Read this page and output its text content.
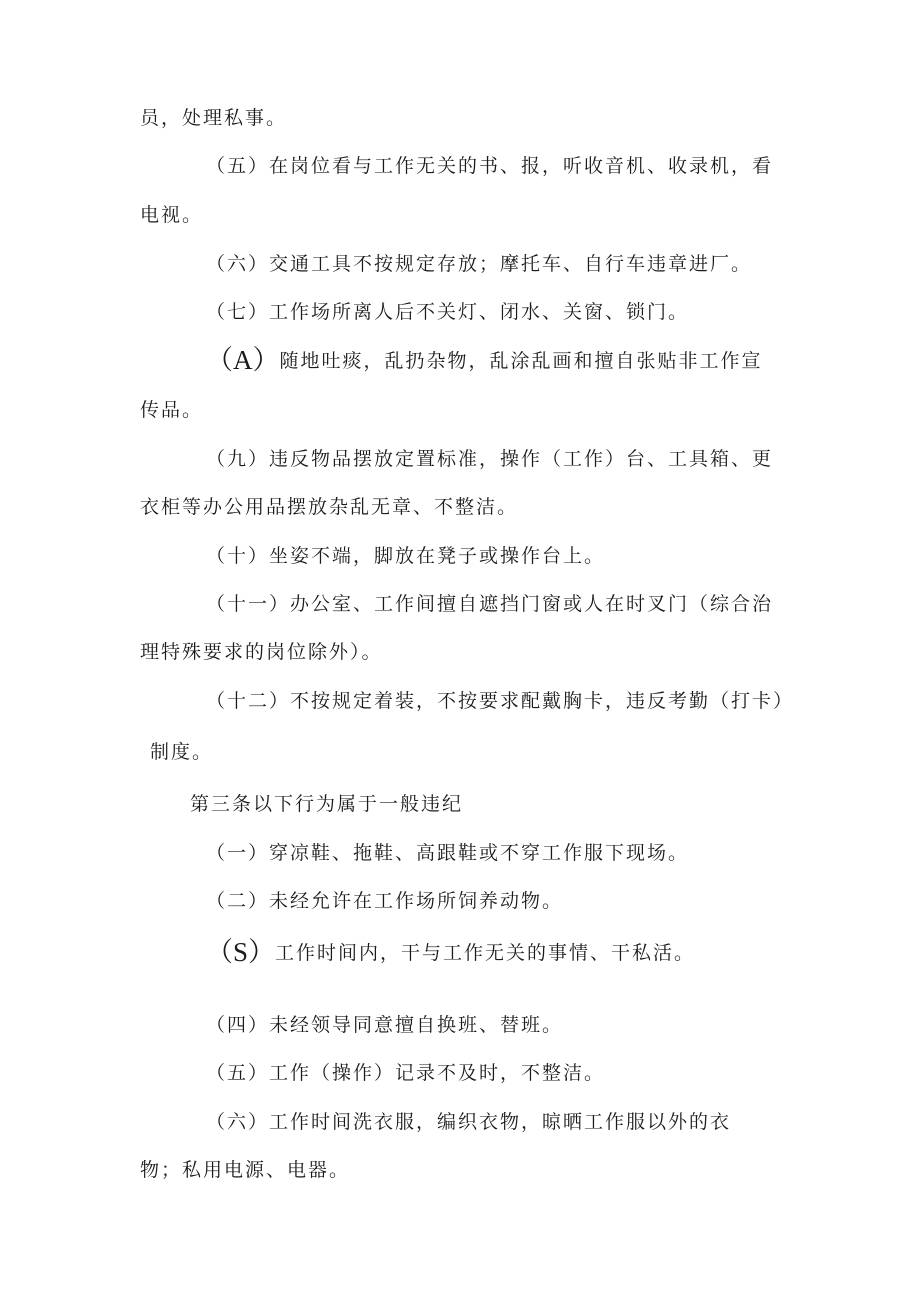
员，处理私事。
（五）在岗位看与工作无关的书、报，听收音机、收录机，看
电视。
（六）交通工具不按规定存放；摩托车、自行车违章进厂。
（七）工作场所离人后不关灯、闭水、关窗、锁门。
（A）随地吐痰，乱扔杂物，乱涂乱画和擅自张贴非工作宣
传品。
（九）违反物品摆放定置标准，操作（工作）台、工具箱、更
衣柜等办公用品摆放杂乱无章、不整洁。
（十）坐姿不端，脚放在凳子或操作台上。
（十一）办公室、工作间擅自遮挡门窗或人在时叉门（综合治
理特殊要求的岗位除外）。
（十二）不按规定着装，不按要求配戴胸卡，违反考勤（打卡）
制度。
第三条以下行为属于一般违纪
（一）穿凉鞋、拖鞋、高跟鞋或不穿工作服下现场。
（二）未经允许在工作场所饲养动物。
（S）工作时间内，干与工作无关的事情、干私活。
（四）未经领导同意擅自换班、替班。
（五）工作（操作）记录不及时，不整洁。
（六）工作时间洗衣服，编织衣物，晾晒工作服以外的衣
物；私用电源、电器。
